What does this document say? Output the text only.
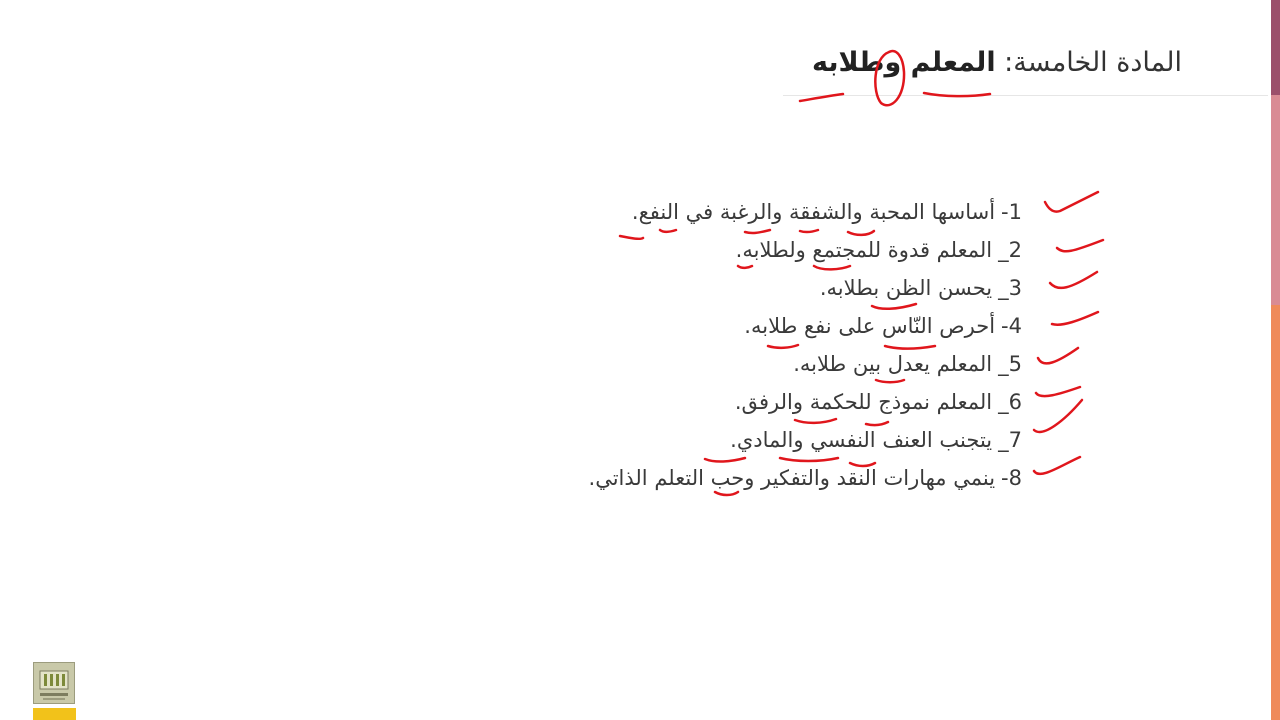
المادة الخامسة: المعلم وطلابه
1-أساسها المحبة والشفقة والرغبة في النفع.
2_المعلم قدوة للمجتمع ولطلابه.
3_يحسن الظن بطلابه.
4-أحرص النّاس على نفع طلابه.
5_المعلم يعدل بين طلابه.
6_المعلم نموذج للحكمة والرفق.
7_يتجنب العنف النفسي والمادي.
8-ينمي مهارات النقد والتفكير وحب التعلم الذاتي.
